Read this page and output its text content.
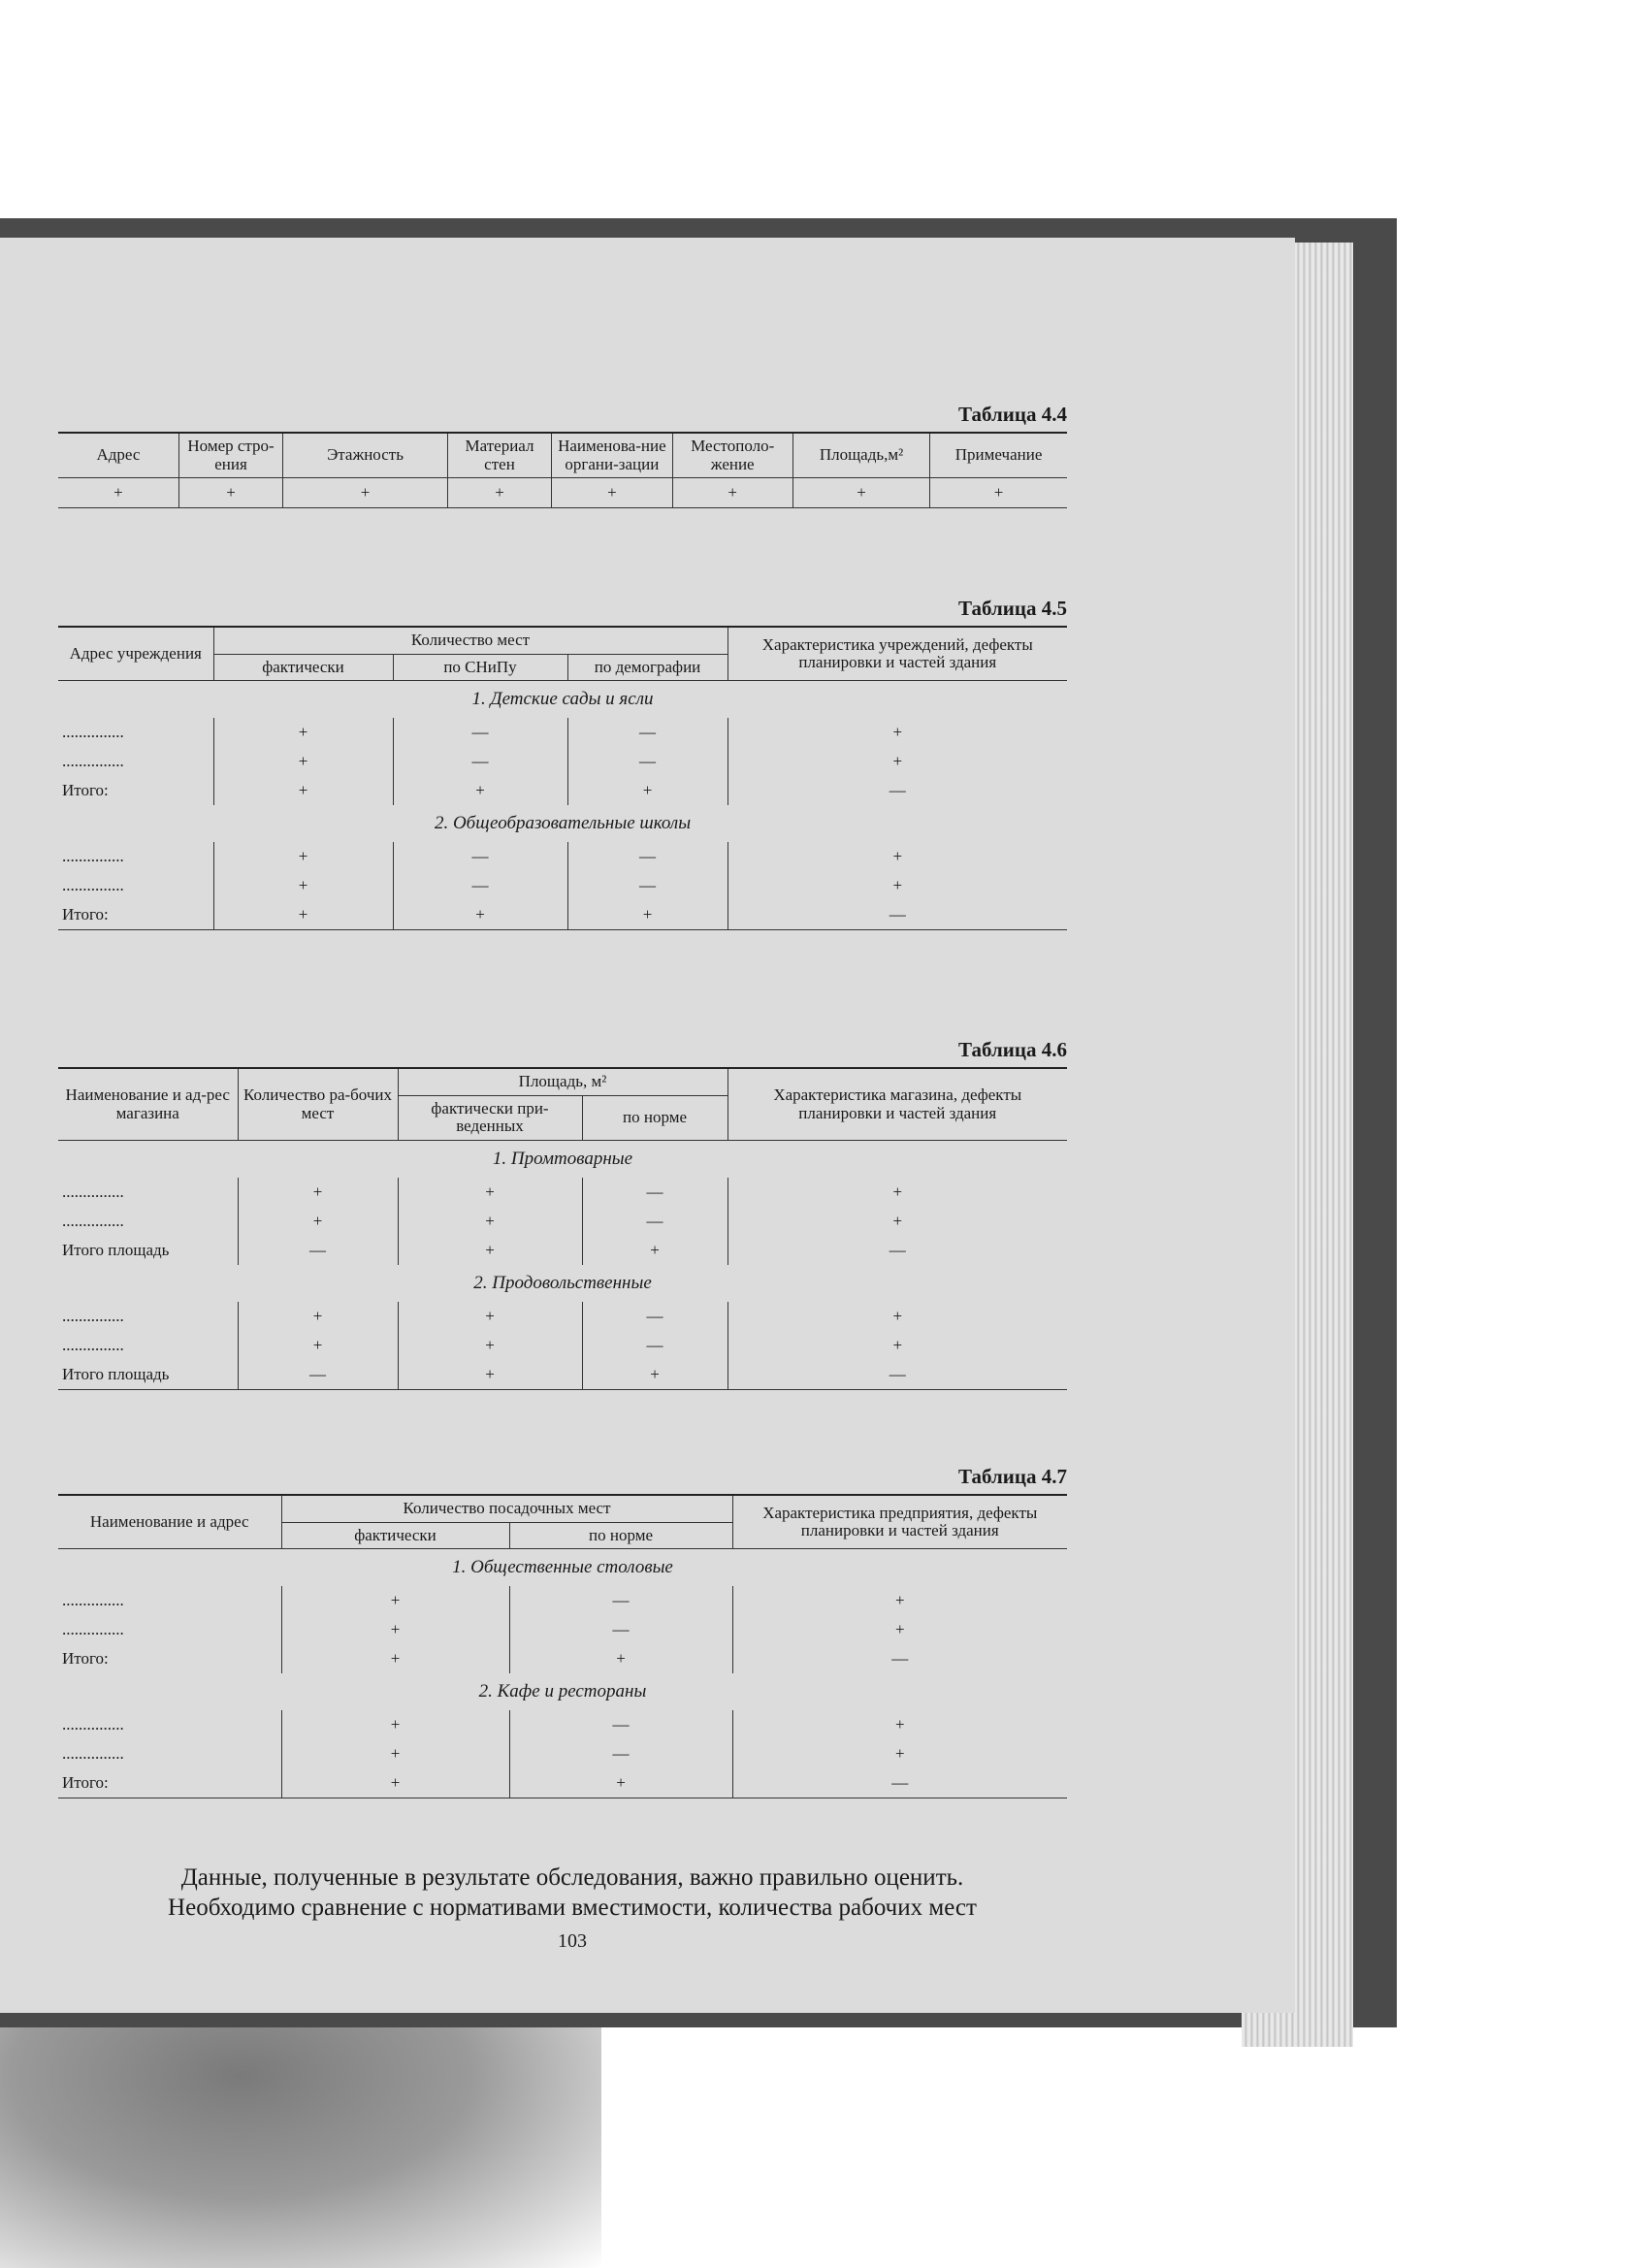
Таблица 4.4
Адрес	Номер стро-ения	Этажность	Материал стен	Наименова-ние органи-зации	Местополо-жение	Площадь,м²	Примечание
+	+	+	+	+	+	+	+
Таблица 4.5
Адрес учреждения	Количество мест			Характеристика учреждений, дефекты планировки и частей здания
	фактически	по СНиПу	по демографии	
1. Детские сады и ясли				
...............	+	—	—	+
...............	+	—	—	+
Итого:	+	+	+	—
2. Общеобразовательные школы				
...............	+	—	—	+
...............	+	—	—	+
Итого:	+	+	+	—
Таблица 4.6
Наименование и ад-рес магазина	Количество ра-бочих мест	Площадь, м²		Характеристика магазина, дефекты планировки и частей здания
		фактически при-веденных	по норме	
1. Промтоварные				
...............	+	+	—	+
...............	+	+	—	+
Итого площадь	—	+	+	—
2. Продовольственные				
...............	+	+	—	+
...............	+	+	—	+
Итого площадь	—	+	+	—
Таблица 4.7
Наименование и адрес	Количество посадочных мест		Характеристика предприятия, дефекты планировки и частей здания
	фактически	по норме	
1. Общественные столовые			
...............	+	—	+
...............	+	—	+
Итого:	+	+	—
2. Кафе и рестораны			
...............	+	—	+
...............	+	—	+
Итого:	+	+	—
Данные, полученные в результате обследования, важно правильно оценить.
Необходимо сравнение с нормативами вместимости, количества рабочих мест
103
